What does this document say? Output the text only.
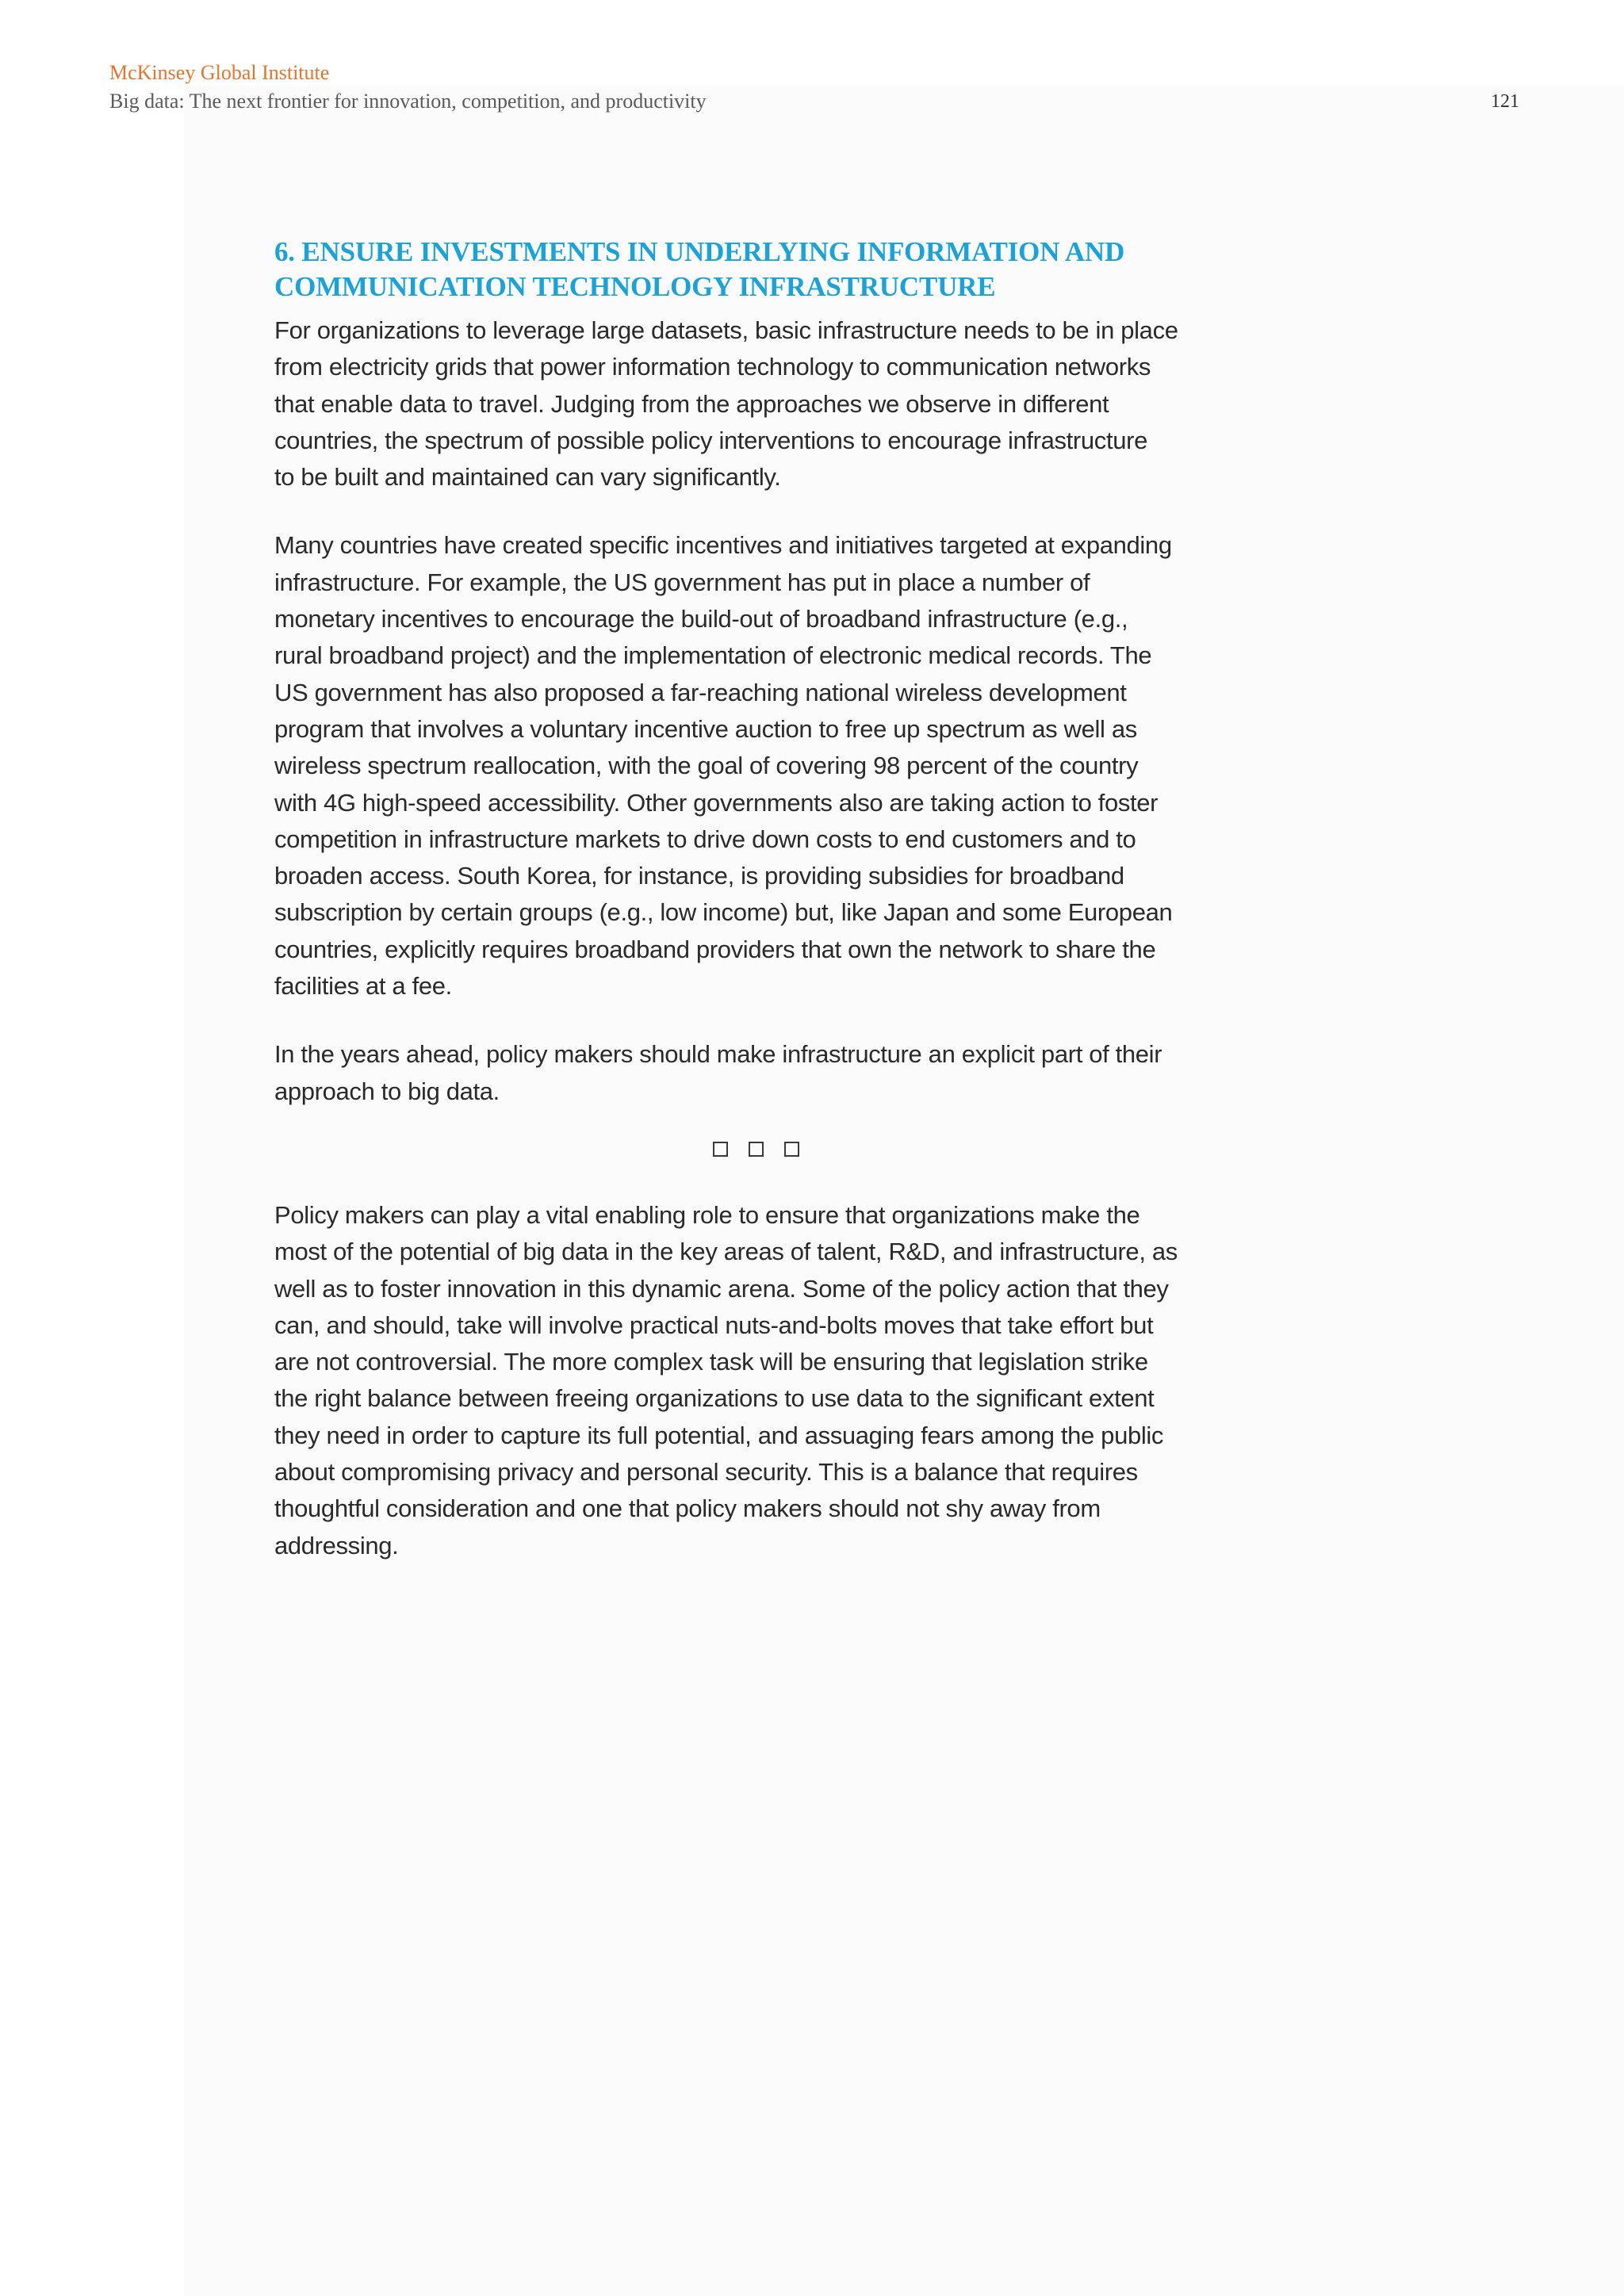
McKinsey Global Institute
Big data: The next frontier for innovation, competition, and productivity	121
6. ENSURE INVESTMENTS IN UNDERLYING INFORMATION AND
COMMUNICATION TECHNOLOGY INFRASTRUCTURE

For organizations to leverage large datasets, basic infrastructure needs to be in place
from electricity grids that power information technology to communication networks
that enable data to travel. Judging from the approaches we observe in different
countries, the spectrum of possible policy interventions to encourage infrastructure
to be built and maintained can vary significantly.

Many countries have created specific incentives and initiatives targeted at expanding
infrastructure. For example, the US government has put in place a number of
monetary incentives to encourage the build-out of broadband infrastructure (e.g.,
rural broadband project) and the implementation of electronic medical records. The
US government has also proposed a far-reaching national wireless development
program that involves a voluntary incentive auction to free up spectrum as well as
wireless spectrum reallocation, with the goal of covering 98 percent of the country
with 4G high-speed accessibility. Other governments also are taking action to foster
competition in infrastructure markets to drive down costs to end customers and to
broaden access. South Korea, for instance, is providing subsidies for broadband
subscription by certain groups (e.g., low income) but, like Japan and some European
countries, explicitly requires broadband providers that own the network to share the
facilities at a fee.

In the years ahead, policy makers should make infrastructure an explicit part of their
approach to big data.

Policy makers can play a vital enabling role to ensure that organizations make the
most of the potential of big data in the key areas of talent, R&D, and infrastructure, as
well as to foster innovation in this dynamic arena. Some of the policy action that they
can, and should, take will involve practical nuts-and-bolts moves that take effort but
are not controversial. The more complex task will be ensuring that legislation strike
the right balance between freeing organizations to use data to the significant extent
they need in order to capture its full potential, and assuaging fears among the public
about compromising privacy and personal security. This is a balance that requires
thoughtful consideration and one that policy makers should not shy away from
addressing.
